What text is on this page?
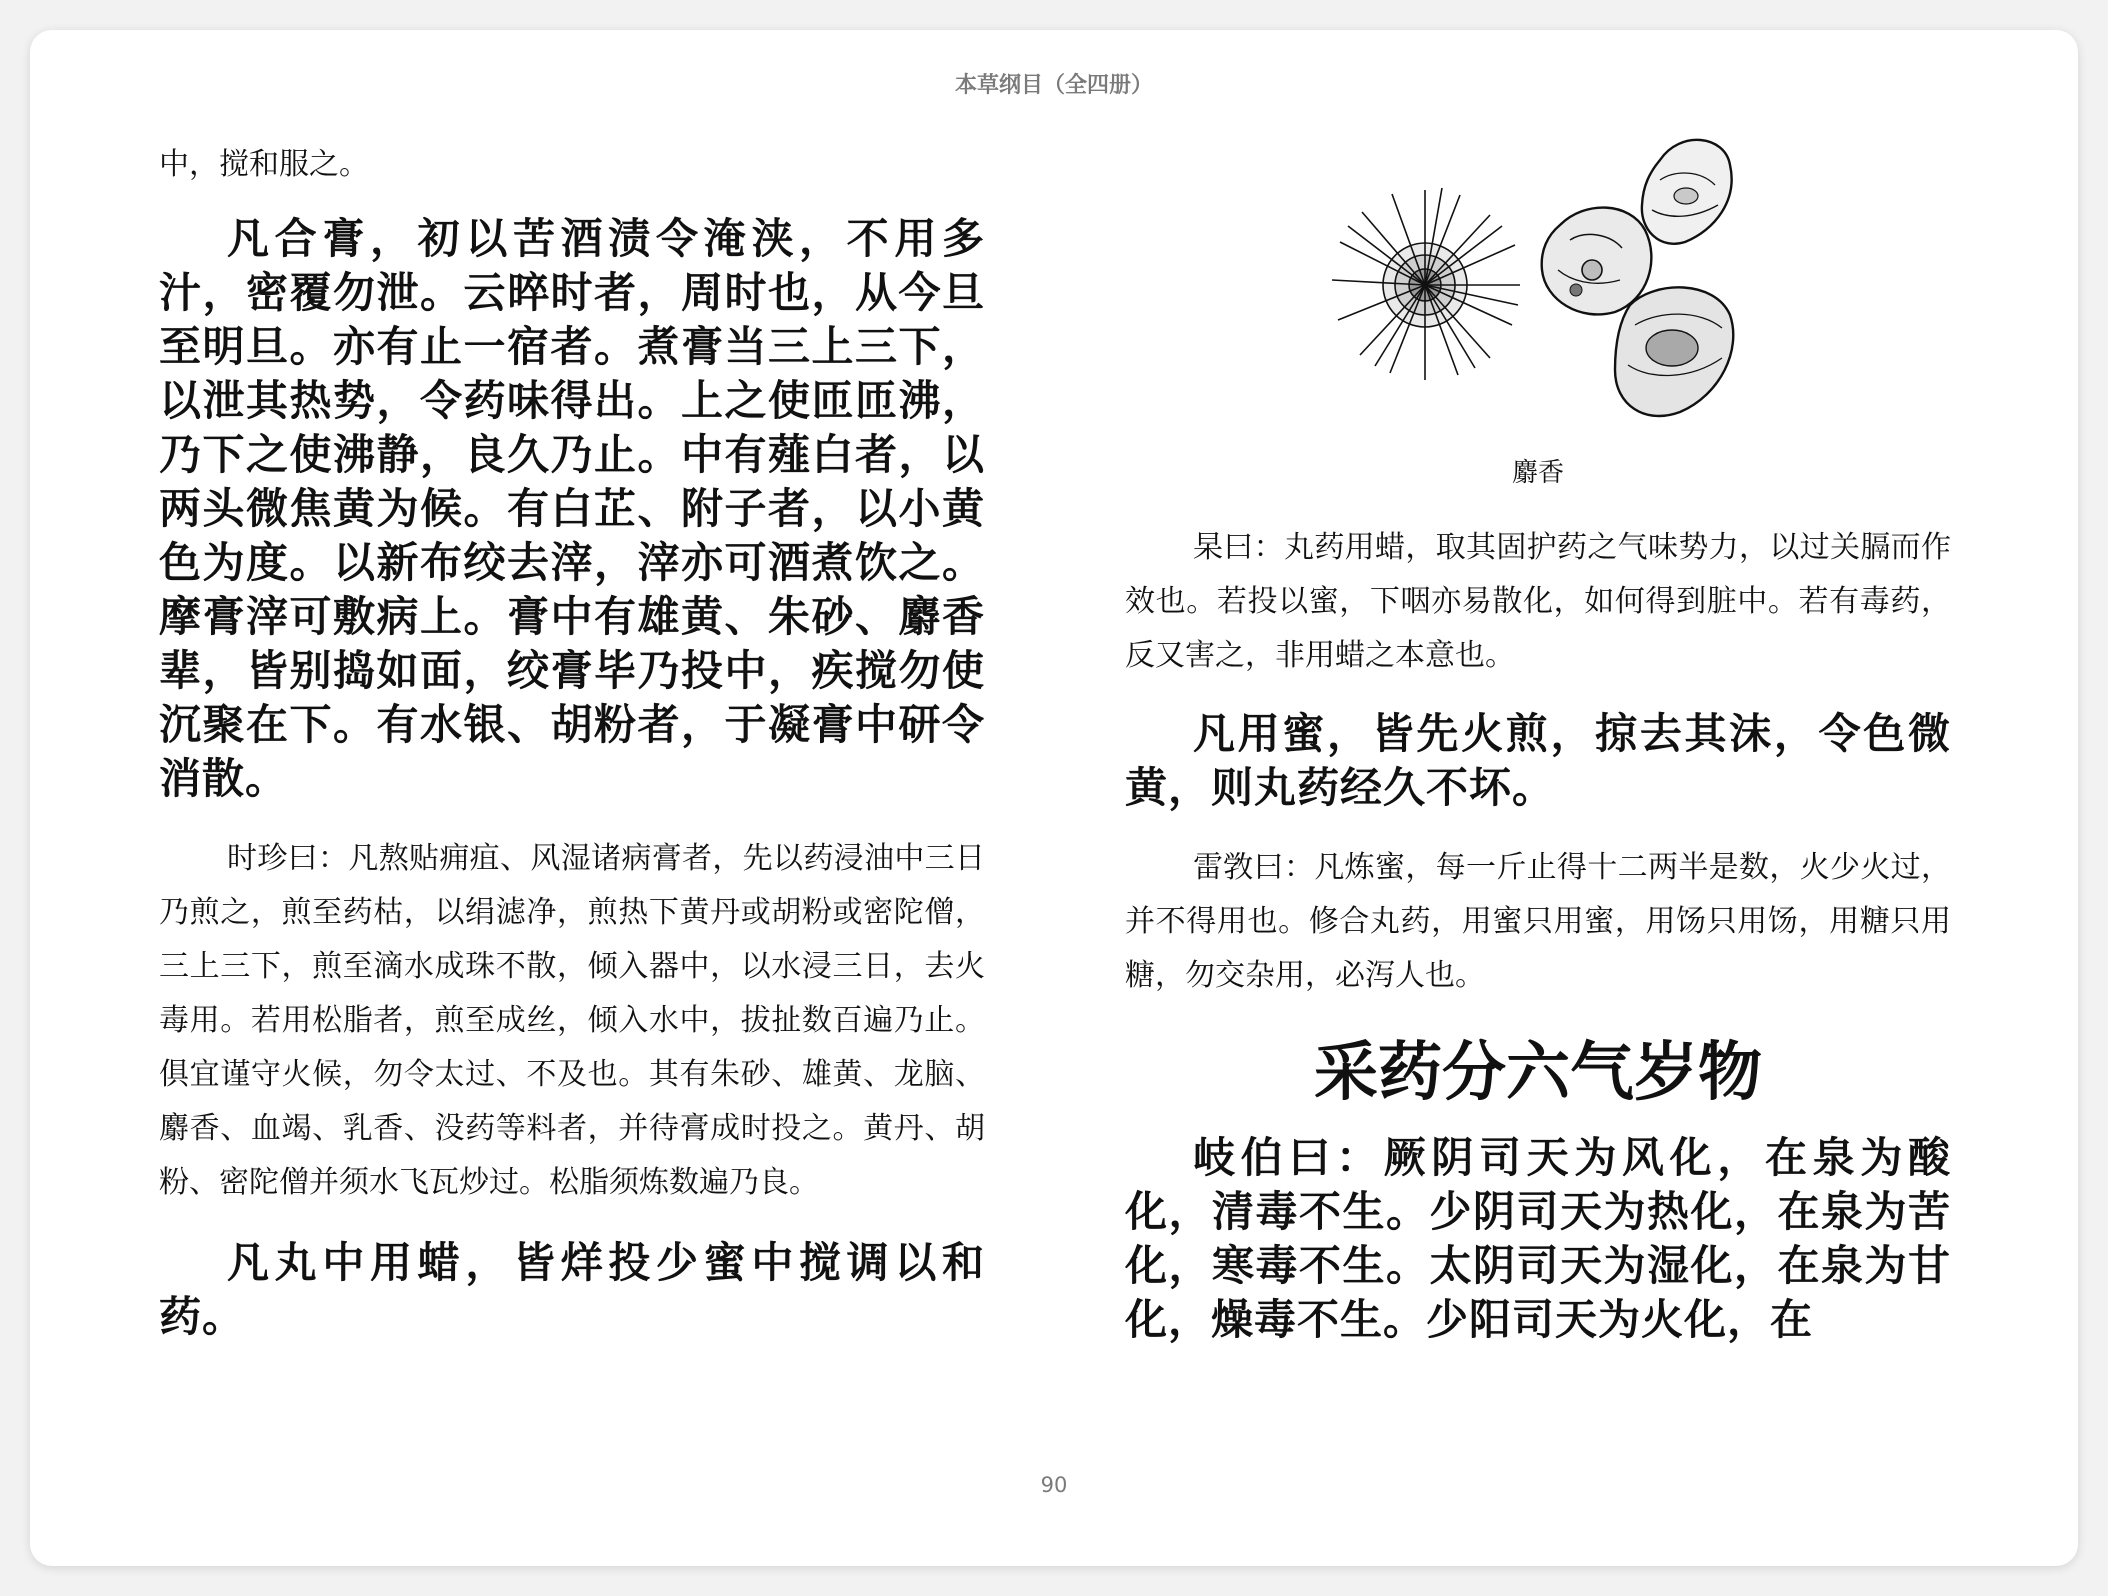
本草纲目（全四册）

中，搅和服之。

凡合膏，初以苦酒渍令淹浃，不用多汁，密覆勿泄。云晬时者，周时也，从今旦至明旦。亦有止一宿者。煮膏当三上三下，以泄其热势，令药味得出。上之使匝匝沸，乃下之使沸静，良久乃止。中有薤白者，以两头微焦黄为候。有白芷、附子者，以小黄色为度。以新布绞去滓，滓亦可酒煮饮之。摩膏滓可敷病上。膏中有雄黄、朱砂、麝香辈，皆别捣如面，绞膏毕乃投中，疾搅勿使沉聚在下。有水银、胡粉者，于凝膏中研令消散。

时珍曰：凡熬贴痈疽、风湿诸病膏者，先以药浸油中三日乃煎之，煎至药枯，以绢滤净，煎热下黄丹或胡粉或密陀僧，三上三下，煎至滴水成珠不散，倾入器中，以水浸三日，去火毒用。若用松脂者，煎至成丝，倾入水中，拔扯数百遍乃止。俱宜谨守火候，勿令太过、不及也。其有朱砂、雄黄、龙脑、麝香、血竭、乳香、没药等料者，并待膏成时投之。黄丹、胡粉、密陀僧并须水飞瓦炒过。松脂须炼数遍乃良。

凡丸中用蜡，皆烊投少蜜中搅调以和药。

麝香

杲曰：丸药用蜡，取其固护药之气味势力，以过关膈而作效也。若投以蜜，下咽亦易散化，如何得到脏中。若有毒药，反又害之，非用蜡之本意也。

凡用蜜，皆先火煎，掠去其沫，令色微黄，则丸药经久不坏。

雷敩曰：凡炼蜜，每一斤止得十二两半是数，火少火过，并不得用也。修合丸药，用蜜只用蜜，用饧只用饧，用糖只用糖，勿交杂用，必泻人也。

采药分六气岁物

岐伯曰：厥阴司天为风化，在泉为酸化，清毒不生。少阴司天为热化，在泉为苦化，寒毒不生。太阴司天为湿化，在泉为甘化，燥毒不生。少阳司天为火化，在

90
